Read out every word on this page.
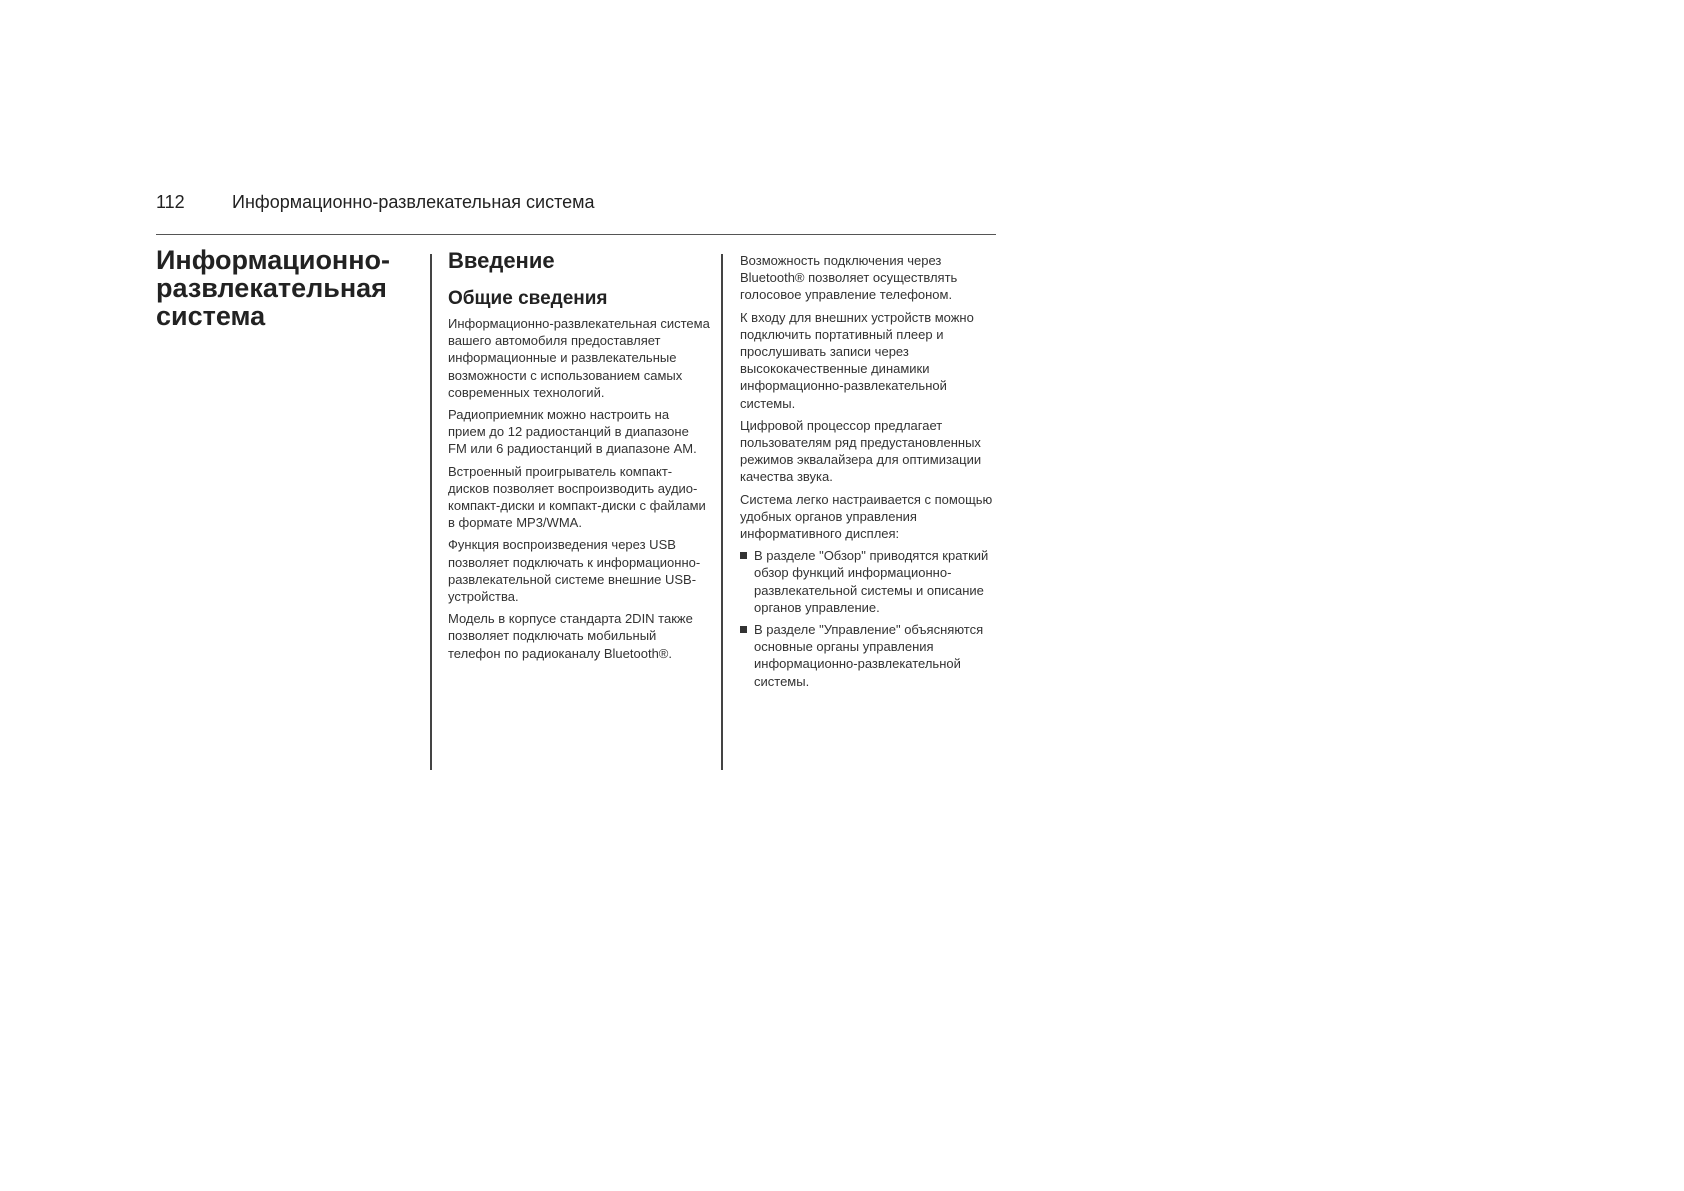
112	Информационно-развлекательная система
Информационно-развлекательная система
Введение
Общие сведения

Информационно-развлекательная система вашего автомобиля предоставляет информационные и развлекательные возможности с использованием самых современных технологий.

Радиоприемник можно настроить на прием до 12 радиостанций в диапазоне FM или 6 радиостанций в диапазоне AM.

Встроенный проигрыватель компакт-дисков позволяет воспроизводить аудио-компакт-диски и компакт-диски с файлами в формате MP3/WMA.

Функция воспроизведения через USB позволяет подключать к информационно-развлекательной системе внешние USB-устройства.

Модель в корпусе стандарта 2DIN также позволяет подключать мобильный телефон по радиоканалу Bluetooth®.

Возможность подключения через Bluetooth® позволяет осуществлять голосовое управление телефоном.

К входу для внешних устройств можно подключить портативный плеер и прослушивать записи через высококачественные динамики информационно-развлекательной системы.

Цифровой процессор предлагает пользователям ряд предустановленных режимов эквалайзера для оптимизации качества звука.

Система легко настраивается с помощью удобных органов управления информативного дисплея:

В разделе "Обзор" приводятся краткий обзор функций информационно-развлекательной системы и описание органов управление.
В разделе "Управление" объясняются основные органы управления информационно-развлекательной системы.
